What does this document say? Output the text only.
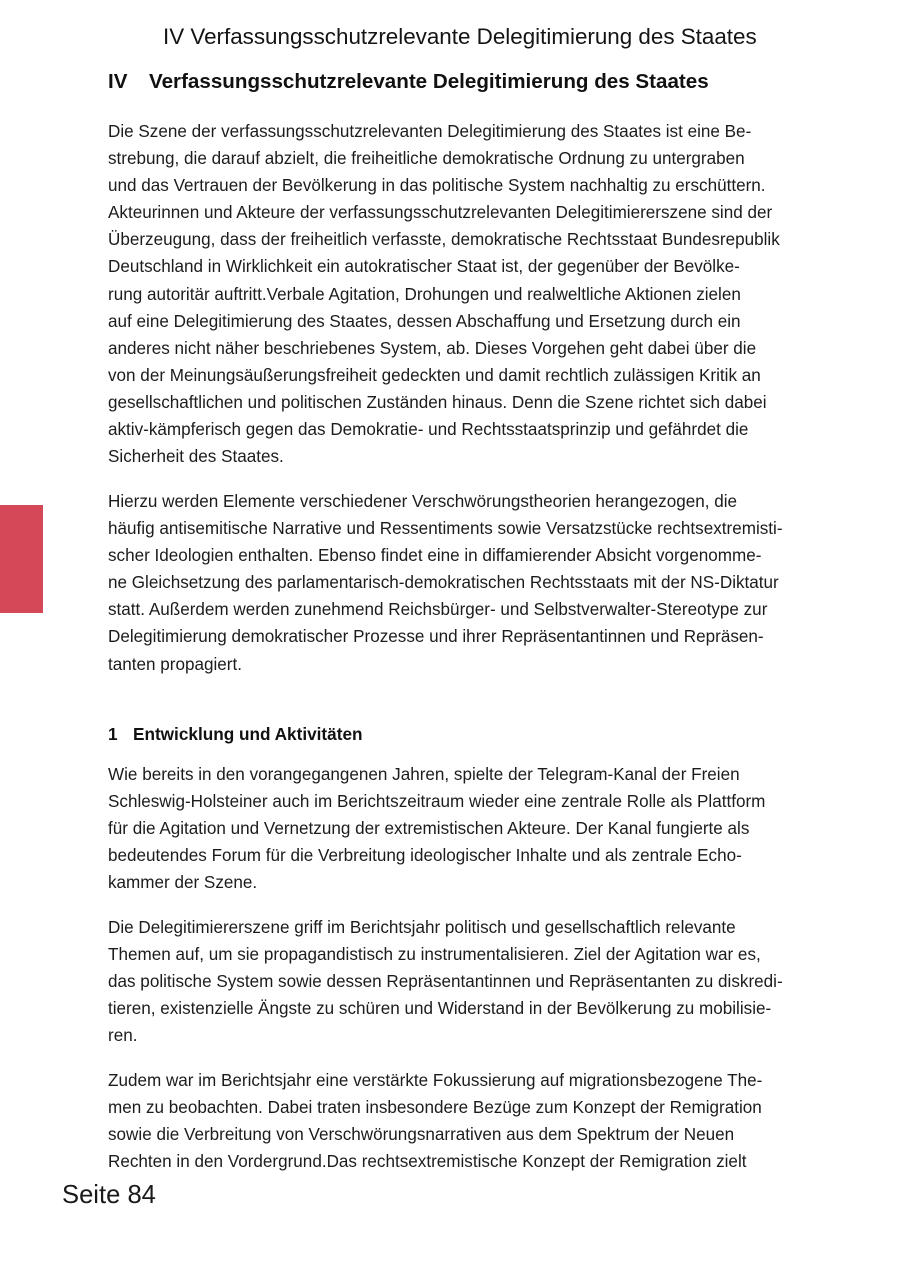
IV Verfassungsschutzrelevante Delegitimierung des Staates
IV Verfassungsschutzrelevante Delegitimierung des Staates
Die Szene der verfassungsschutzrelevanten Delegitimierung des Staates ist eine Be-
strebung, die darauf abzielt, die freiheitliche demokratische Ordnung zu untergraben
und das Vertrauen der Bevölkerung in das politische System nachhaltig zu erschüttern.
Akteurinnen und Akteure der verfassungsschutzrelevanten Delegitimiererszene sind der
Überzeugung, dass der freiheitlich verfasste, demokratische Rechtsstaat Bundesrepublik
Deutschland in Wirklichkeit ein autokratischer Staat ist, der gegenüber der Bevölke-
rung autoritär auftritt.Verbale Agitation, Drohungen und realweltliche Aktionen zielen
auf eine Delegitimierung des Staates, dessen Abschaffung und Ersetzung durch ein
anderes nicht näher beschriebenes System, ab. Dieses Vorgehen geht dabei über die
von der Meinungsäußerungsfreiheit gedeckten und damit rechtlich zulässigen Kritik an
gesellschaftlichen und politischen Zuständen hinaus. Denn die Szene richtet sich dabei
aktiv-kämpferisch gegen das Demokratie- und Rechtsstaatsprinzip und gefährdet die
Sicherheit des Staates.
Hierzu werden Elemente verschiedener Verschwörungstheorien herangezogen, die
häufig antisemitische Narrative und Ressentiments sowie Versatzstücke rechtsextremisti-
scher Ideologien enthalten. Ebenso findet eine in diffamierender Absicht vorgenomme-
ne Gleichsetzung des parlamentarisch-demokratischen Rechtsstaats mit der NS-Diktatur
statt. Außerdem werden zunehmend Reichsbürger- und Selbstverwalter-Stereotype zur
Delegitimierung demokratischer Prozesse und ihrer Repräsentantinnen und Repräsen-
tanten propagiert.
1 Entwicklung und Aktivitäten
Wie bereits in den vorangegangenen Jahren, spielte der Telegram-Kanal der Freien
Schleswig-Holsteiner auch im Berichtszeitraum wieder eine zentrale Rolle als Plattform
für die Agitation und Vernetzung der extremistischen Akteure. Der Kanal fungierte als
bedeutendes Forum für die Verbreitung ideologischer Inhalte und als zentrale Echo-
kammer der Szene.
Die Delegitimiererszene griff im Berichtsjahr politisch und gesellschaftlich relevante
Themen auf, um sie propagandistisch zu instrumentalisieren. Ziel der Agitation war es,
das politische System sowie dessen Repräsentantinnen und Repräsentanten zu diskredi-
tieren, existenzielle Ängste zu schüren und Widerstand in der Bevölkerung zu mobilisie-
ren.
Zudem war im Berichtsjahr eine verstärkte Fokussierung auf migrationsbezogene The-
men zu beobachten. Dabei traten insbesondere Bezüge zum Konzept der Remigration
sowie die Verbreitung von Verschwörungsnarrativen aus dem Spektrum der Neuen
Rechten in den Vordergrund.Das rechtsextremistische Konzept der Remigration zielt
Seite 84
